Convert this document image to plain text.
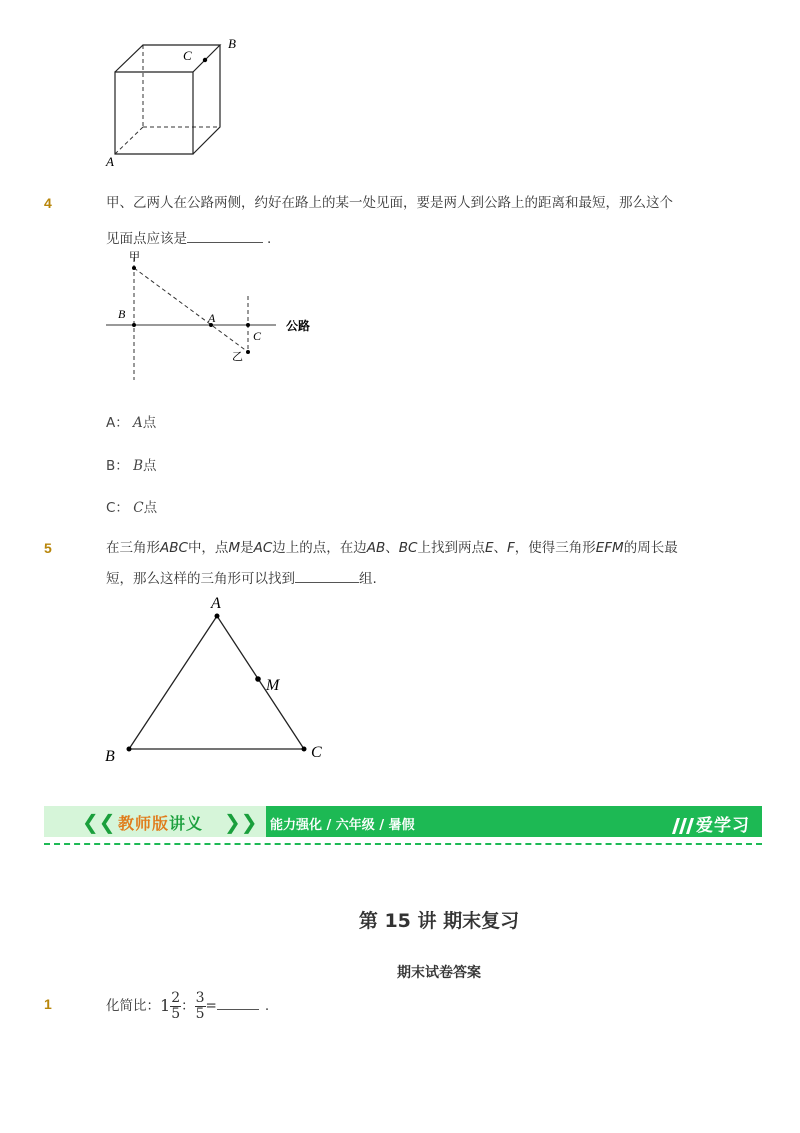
C
B
A
4	甲、乙两人在公路两侧，约好在路上的某一处见面，要是两人到公路上的距离和最短，那么这个
见面点应该是	.
甲
B	A
C
乙
公路
A： A点
B： B点
C： C点
5	在三角形ABC中，点M是AC边上的点，在边AB、BC上找到两点E、F，使得三角形EFM的周长最
短，那么这样的三角形可以找到	组.
A
B	C
M
❮❮ 教师版讲义 ❯❯ 能力强化 / 六年级 / 暑假	爱学习
第 15 讲 期末复习
期末试卷答案
1	化简比：$1 \frac{2}{5}$ ： $\frac{3}{5}$ =	.
